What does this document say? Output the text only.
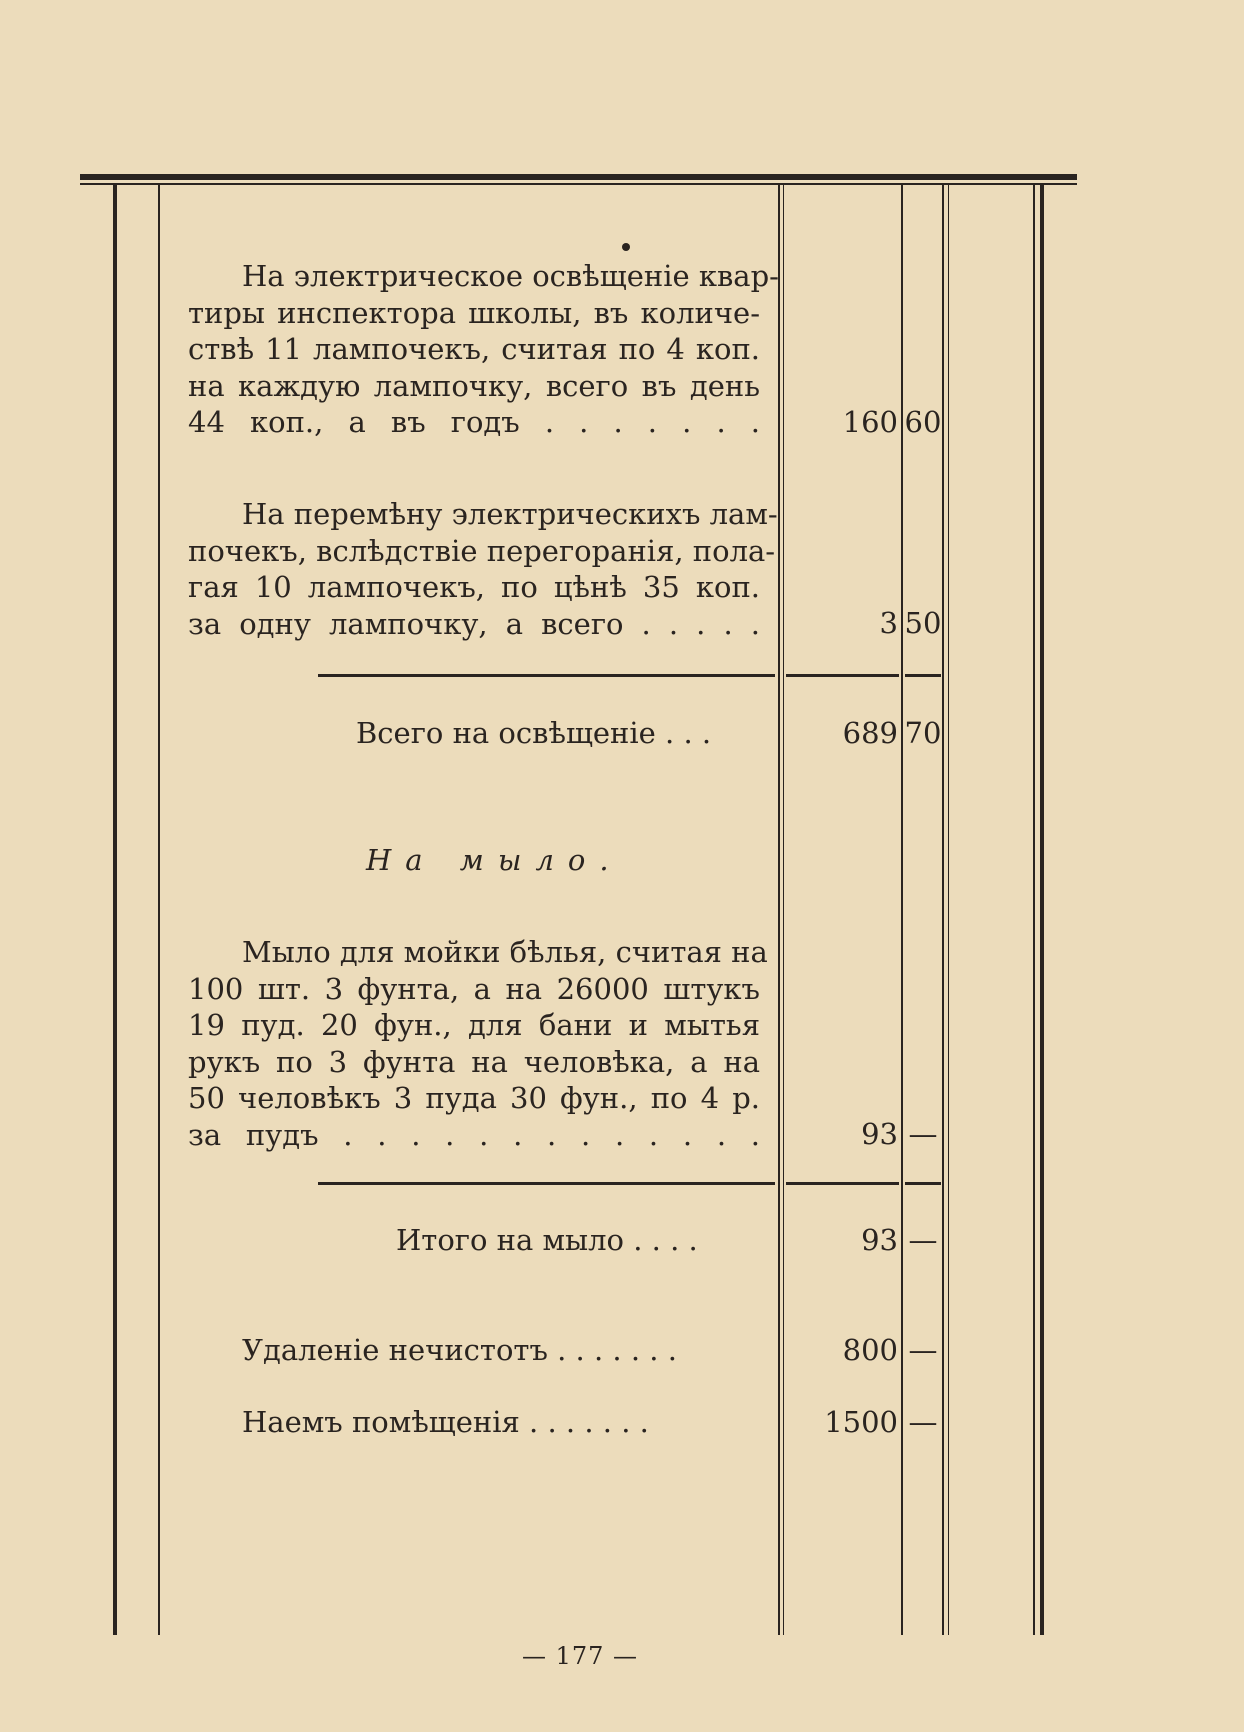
На электрическое освѣщеніе квар-
тиры инспектора школы, въ количе-
ствѣ 11 лампочекъ, считая по 4 коп.
на каждую лампочку, всего въ день
44 коп., а въ годъ . . . . . . .	160 60
На перемѣну электрическихъ лам-
почекъ, вслѣдствіе перегоранія, пола-
гая 10 лампочекъ, по цѣнѣ 35 коп.
за одну лампочку, а всего . . . . .	3 50
Всего на освѣщеніе . . .	689 70
На мыло.
Мыло для мойки бѣлья, считая на
100 шт. 3 фунта, а на 26000 штукъ
19 пуд. 20 фун., для бани и мытья
рукъ по 3 фунта на человѣка, а на
50 человѣкъ 3 пуда 30 фун., по 4 р.
за пудъ . . . . . . . . . . . . .	93 —
Итого на мыло . . . .	93 —
Удаленіе нечистотъ . . . . . . .	800 —
Наемъ помѣщенія . . . . . . .	1500 —
— 177 —
